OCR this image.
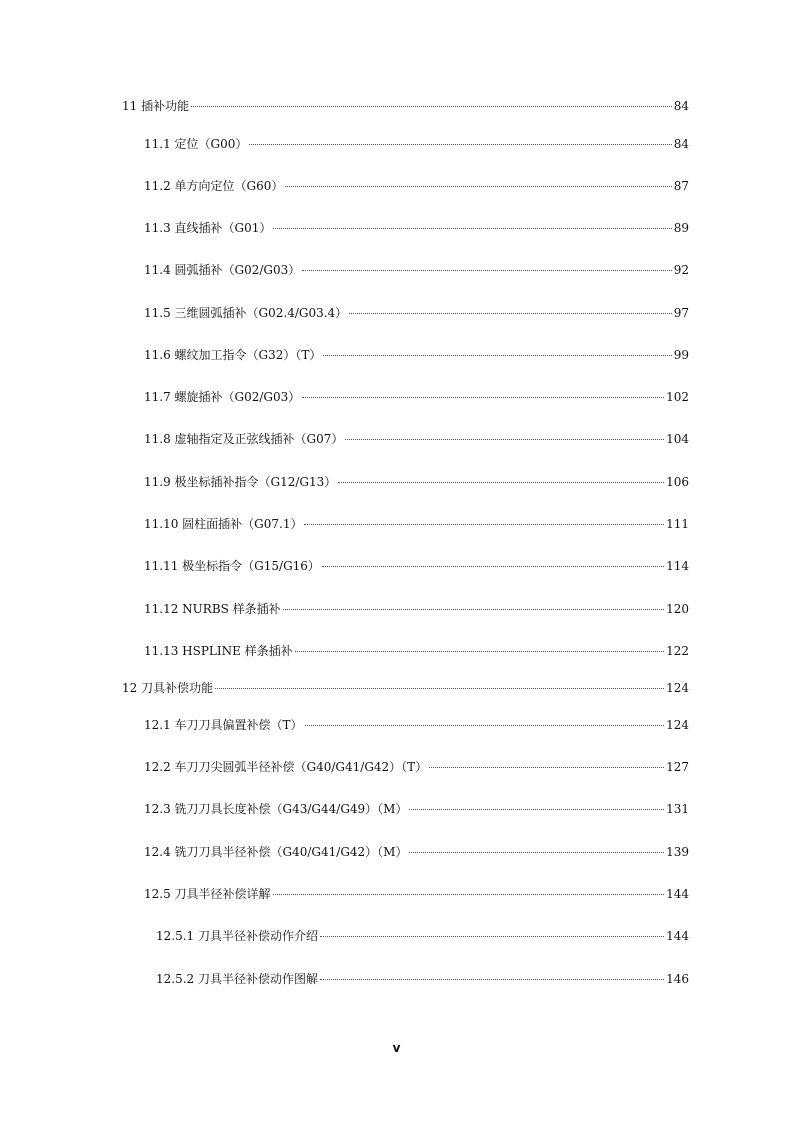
11 插补功能	84
11.1 定位（G00）	84
11.2 单方向定位（G60）	87
11.3 直线插补（G01）	89
11.4 圆弧插补（G02/G03）	92
11.5 三维圆弧插补（G02.4/G03.4）	97
11.6 螺纹加工指令（G32）（T）	99
11.7 螺旋插补（G02/G03）	102
11.8 虚轴指定及正弦线插补（G07）	104
11.9 极坐标插补指令（G12/G13）	106
11.10 圆柱面插补（G07.1）	111
11.11 极坐标指令（G15/G16）	114
11.12 NURBS 样条插补	120
11.13 HSPLINE 样条插补	122
12 刀具补偿功能	124
12.1 车刀刀具偏置补偿（T）	124
12.2 车刀刀尖圆弧半径补偿（G40/G41/G42）（T）	127
12.3 铣刀刀具长度补偿（G43/G44/G49）（M）	131
12.4 铣刀刀具半径补偿（G40/G41/G42）（M）	139
12.5 刀具半径补偿详解	144
12.5.1 刀具半径补偿动作介绍	144
12.5.2 刀具半径补偿动作图解	146
v
